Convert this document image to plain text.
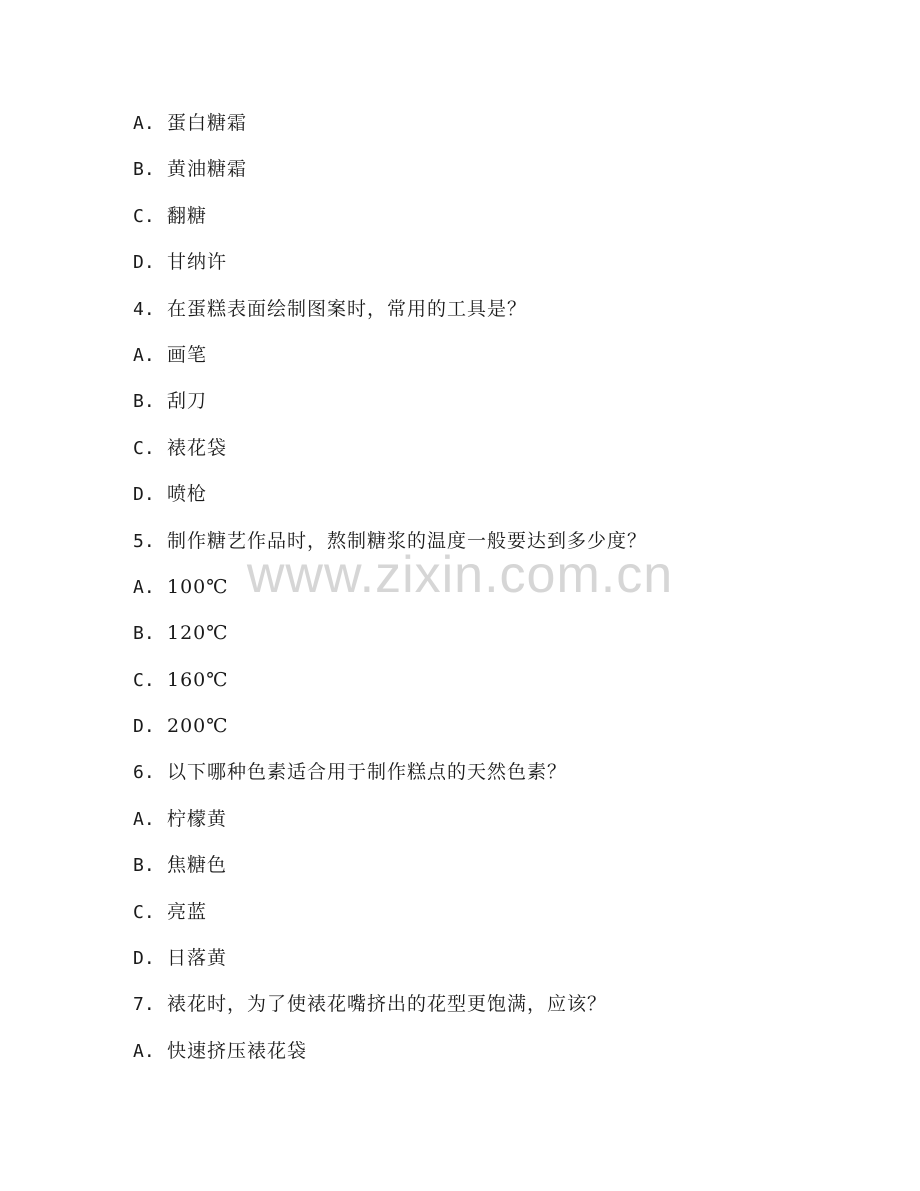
A. 蛋白糖霜
B. 黄油糖霜
C. 翻糖
D. 甘纳许
4. 在蛋糕表面绘制图案时，常用的工具是？
A. 画笔
B. 刮刀
C. 裱花袋
D. 喷枪
5. 制作糖艺作品时，熬制糖浆的温度一般要达到多少度？
A. 100℃
B. 120℃
C. 160℃
D. 200℃
6. 以下哪种色素适合用于制作糕点的天然色素？
A. 柠檬黄
B. 焦糖色
C. 亮蓝
D. 日落黄
7. 裱花时，为了使裱花嘴挤出的花型更饱满，应该？
A. 快速挤压裱花袋
www.zixin.com.cn
